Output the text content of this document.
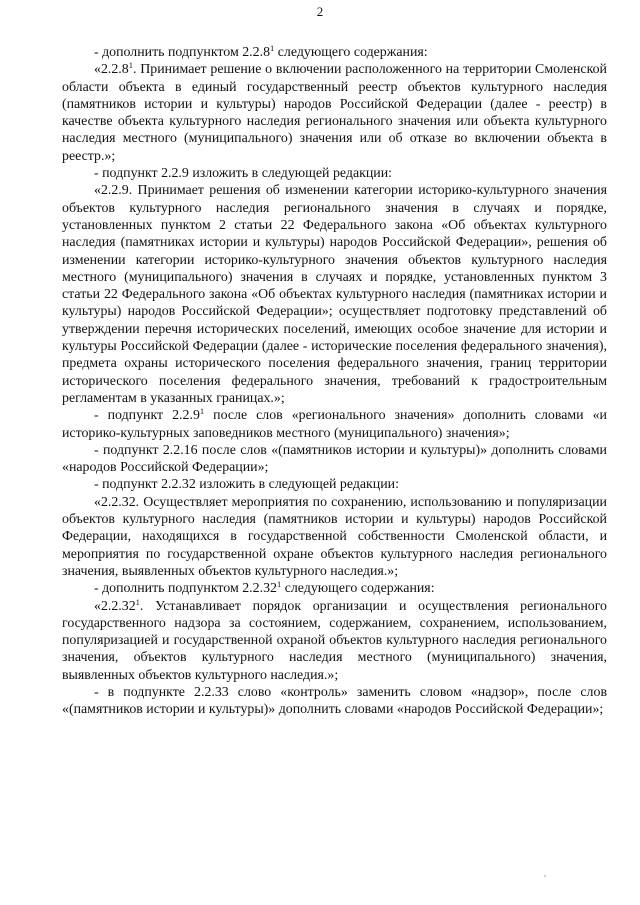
2

- дополнить подпунктом 2.2.8$^1$ следующего содержания:

«2.2.8$^1$. Принимает решение о включении расположенного на территории Смоленской области объекта в единый государственный реестр объектов культурного наследия (памятников истории и культуры) народов Российской Федерации (далее - реестр) в качестве объекта культурного наследия регионального значения или объекта культурного наследия местного (муниципального) значения или об отказе во включении объекта в реестр.»;

- подпункт 2.2.9 изложить в следующей редакции:

«2.2.9. Принимает решения об изменении категории историко-культурного значения объектов культурного наследия регионального значения в случаях и порядке, установленных пунктом 2 статьи 22 Федерального закона «Об объектах культурного наследия (памятниках истории и культуры) народов Российской Федерации», решения об изменении категории историко-культурного значения объектов культурного наследия местного (муниципального) значения в случаях и порядке, установленных пунктом 3 статьи 22 Федерального закона «Об объектах культурного наследия (памятниках истории и культуры) народов Российской Федерации»; осуществляет подготовку представлений об утверждении перечня исторических поселений, имеющих особое значение для истории и культуры Российской Федерации (далее - исторические поселения федерального значения), предмета охраны исторического поселения федерального значения, границ территории исторического поселения федерального значения, требований к градостроительным регламентам в указанных границах.»;

- подпункт 2.2.9$^1$ после слов «регионального значения» дополнить словами «и историко-культурных заповедников местного (муниципального) значения»;

- подпункт 2.2.16 после слов «(памятников истории и культуры)» дополнить словами «народов Российской Федерации»;

- подпункт 2.2.32 изложить в следующей редакции:

«2.2.32. Осуществляет мероприятия по сохранению, использованию и популяризации объектов культурного наследия (памятников истории и культуры) народов Российской Федерации, находящихся в государственной собственности Смоленской области, и мероприятия по государственной охране объектов культурного наследия регионального значения, выявленных объектов культурного наследия.»;

- дополнить подпунктом 2.2.32$^1$ следующего содержания:

«2.2.32$^1$. Устанавливает порядок организации и осуществления регионального государственного надзора за состоянием, содержанием, сохранением, использованием, популяризацией и государственной охраной объектов культурного наследия регионального значения, объектов культурного наследия местного (муниципального) значения, выявленных объектов культурного наследия.»;

- в подпункте 2.2.33 слово «контроль» заменить словом «надзор», после слов «(памятников истории и культуры)» дополнить словами «народов Российской Федерации»;
